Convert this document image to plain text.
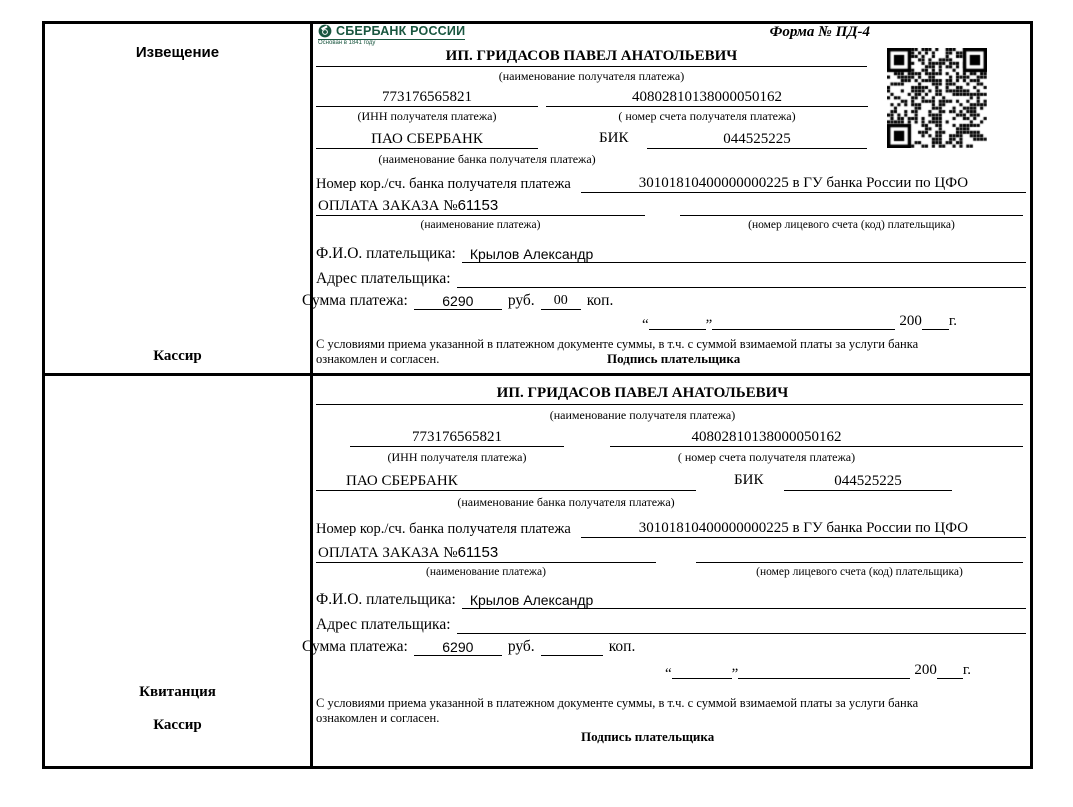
Извещение
Кассир
СБЕРБАНК РОССИИ
Основан в 1841 году
Форма № ПД-4
ИП. ГРИДАСОВ ПАВЕЛ АНАТОЛЬЕВИЧ
(наименование получателя платежа)
773176565821	40802810138000050162
(ИНН получателя платежа)	( номер счета получателя платежа)
ПАО СБЕРБАНК	БИК	044525225
(наименование банка получателя платежа)
Номер кор./сч. банка получателя платежа	30101810400000000225 в ГУ банка России по ЦФО
ОПЛАТА ЗАКАЗА №61153
(наименование платежа)	(номер лицевого счета (код) плательщика)
Ф.И.О. плательщика:	Крылов Александр
Адрес плательщика:
Сумма платежа:	6290	руб.	00	коп.
“	”	200 г.
С условиями приема указанной в платежном документе суммы, в т.ч. с суммой взимаемой платы за услуги банка
ознакомлен и согласен.	Подпись плательщика
Квитанция
Кассир
ИП. ГРИДАСОВ ПАВЕЛ АНАТОЛЬЕВИЧ
(наименование получателя платежа)
773176565821	40802810138000050162
(ИНН получателя платежа)	( номер счета получателя платежа)
ПАО СБЕРБАНК	БИК	044525225
(наименование банка получателя платежа)
Номер кор./сч. банка получателя платежа	30101810400000000225 в ГУ банка России по ЦФО
ОПЛАТА ЗАКАЗА №61153
(наименование платежа)	(номер лицевого счета (код) плательщика)
Ф.И.О. плательщика:	Крылов Александр
Адрес плательщика:
Сумма платежа:	6290	руб.	коп.
“	”	200 г.
С условиями приема указанной в платежном документе суммы, в т.ч. с суммой взимаемой платы за услуги банка
ознакомлен и согласен.
Подпись плательщика
